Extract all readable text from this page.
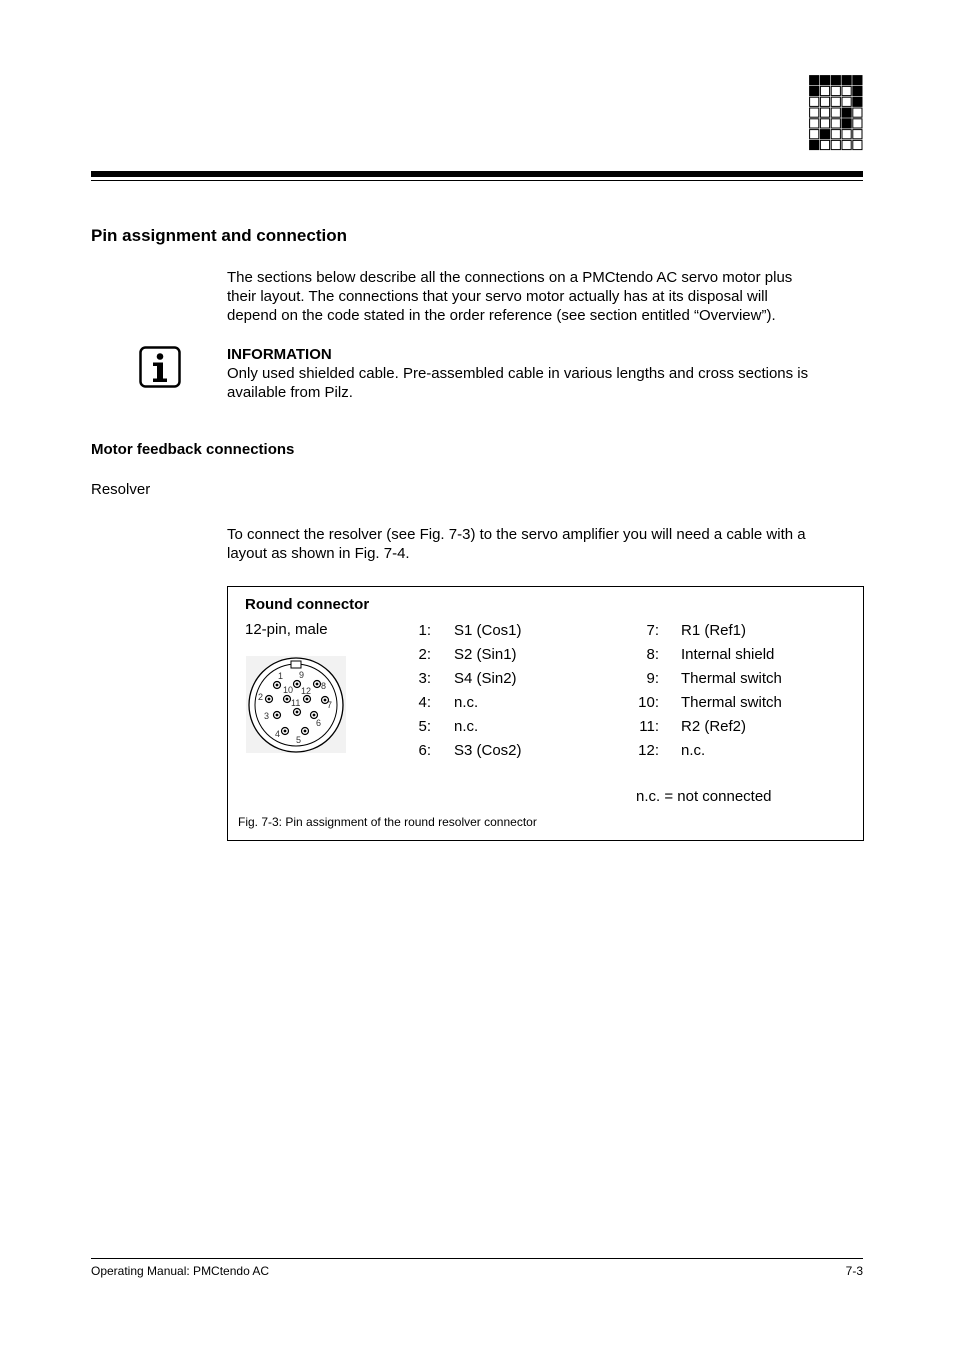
Pin assignment and connection
The sections below describe all the connections on a PMCtendo AC servo motor plus
their layout. The connections that your servo motor actually has at its disposal will
depend on the code stated in the order reference (see section entitled “Overview”).
INFORMATION
Only used shielded cable. Pre-assembled cable in various lengths and cross sections is
available from Pilz.
Motor feedback connections
Resolver
To connect the resolver (see Fig. 7-3) to the servo amplifier you will need a cable with a
layout as shown in Fig. 7-4.
Round connector
12-pin, male
1 9
8
2
10 12
7
11
3
6
4
5
1: S1 (Cos1)
2: S2 (Sin1)
3: S4 (Sin2)
4: n.c.
5: n.c.
6: S3 (Cos2)
7: R1 (Ref1)
8: Internal shield
9: Thermal switch
10: Thermal switch
11: R2 (Ref2)
12: n.c.
n.c. = not connected
Fig. 7-3: Pin assignment of the round resolver connector
Operating Manual: PMCtendo AC	7-3
